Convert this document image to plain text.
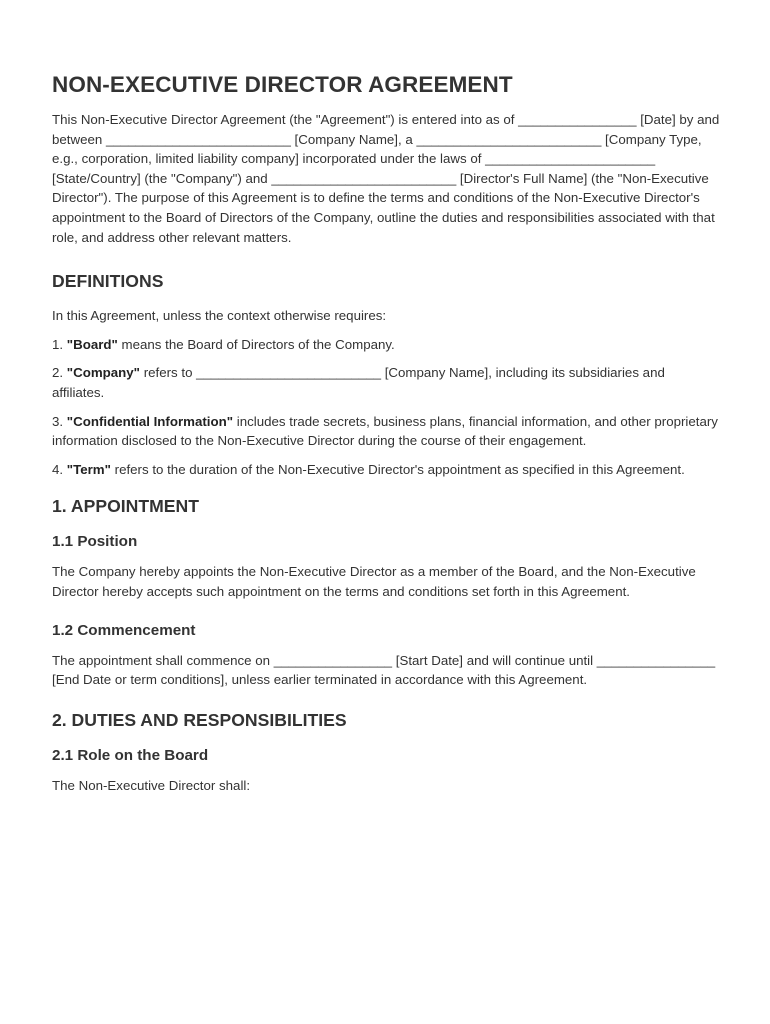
NON-EXECUTIVE DIRECTOR AGREEMENT

This Non-Executive Director Agreement (the "Agreement") is entered into as of ________________ [Date] by and between _________________________ [Company Name], a _________________________ [Company Type, e.g., corporation, limited liability company] incorporated under the laws of _______________________ [State/Country] (the "Company") and _________________________ [Director's Full Name] (the "Non-Executive Director"). The purpose of this Agreement is to define the terms and conditions of the Non-Executive Director's appointment to the Board of Directors of the Company, outline the duties and responsibilities associated with that role, and address other relevant matters.

DEFINITIONS

In this Agreement, unless the context otherwise requires:

1. "Board" means the Board of Directors of the Company.

2. "Company" refers to _________________________ [Company Name], including its subsidiaries and affiliates.

3. "Confidential Information" includes trade secrets, business plans, financial information, and other proprietary information disclosed to the Non-Executive Director during the course of their engagement.

4. "Term" refers to the duration of the Non-Executive Director's appointment as specified in this Agreement.

1. APPOINTMENT
1.1 Position

The Company hereby appoints the Non-Executive Director as a member of the Board, and the Non-Executive Director hereby accepts such appointment on the terms and conditions set forth in this Agreement.

1.2 Commencement

The appointment shall commence on ________________ [Start Date] and will continue until ________________ [End Date or term conditions], unless earlier terminated in accordance with this Agreement.

2. DUTIES AND RESPONSIBILITIES
2.1 Role on the Board

The Non-Executive Director shall:
